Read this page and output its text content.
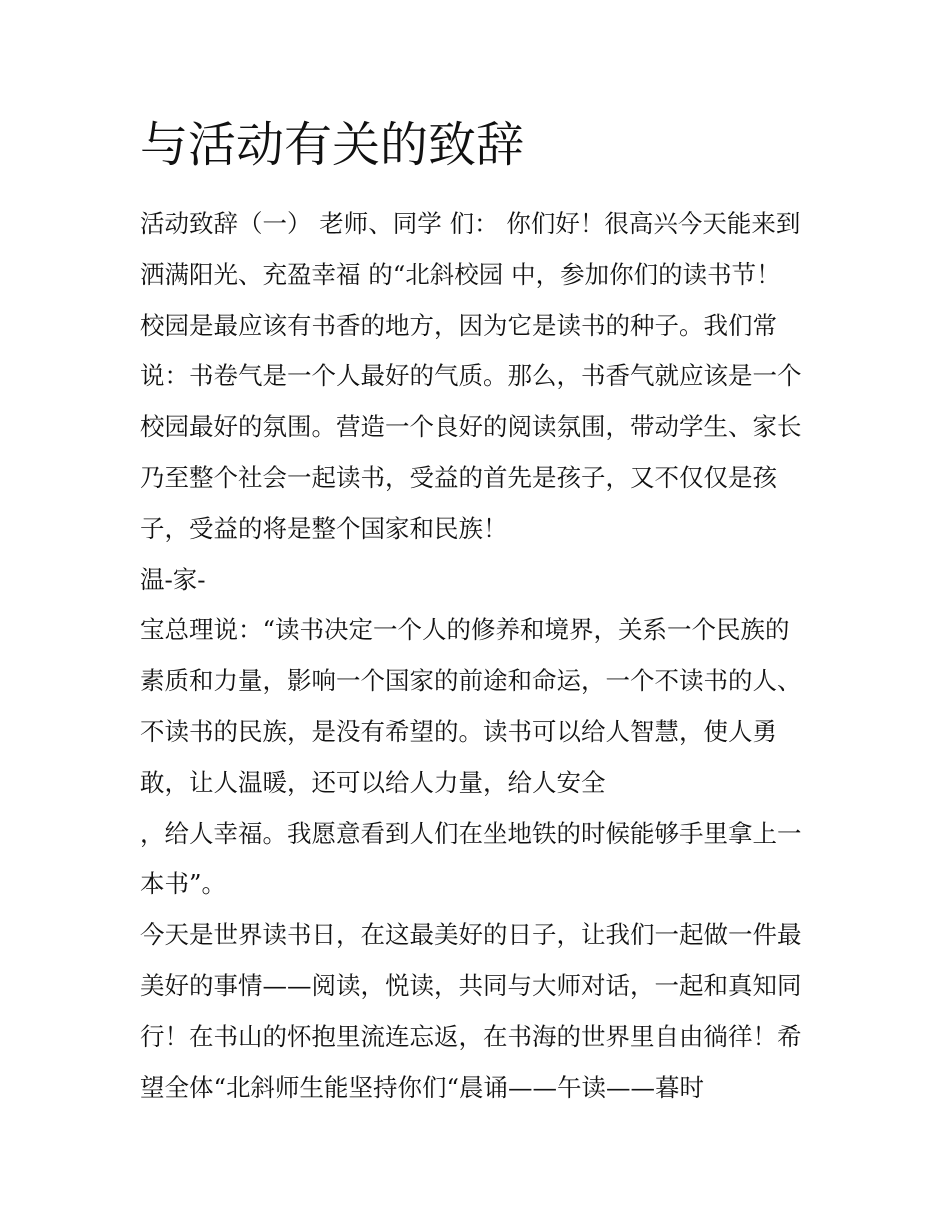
与活动有关的致辞
活动致辞（一） 老师、同学 们： 你们好！很高兴今天能来到
洒满阳光、充盈幸福 的“北斜校园 中，参加你们的读书节！
校园是最应该有书香的地方，因为它是读书的种子。我们常
说：书卷气是一个人最好的气质。那么，书香气就应该是一个
校园最好的氛围。营造一个良好的阅读氛围，带动学生、家长
乃至整个社会一起读书，受益的首先是孩子，又不仅仅是孩
子，受益的将是整个国家和民族！
温-家-
宝总理说：“读书决定一个人的修养和境界，关系一个民族的
素质和力量，影响一个国家的前途和命运，一个不读书的人、
不读书的民族，是没有希望的。读书可以给人智慧，使人勇
敢，让人温暖，还可以给人力量，给人安全
，给人幸福。我愿意看到人们在坐地铁的时候能够手里拿上一
本书”。
今天是世界读书日，在这最美好的日子，让我们一起做一件最
美好的事情——阅读，悦读，共同与大师对话，一起和真知同
行！在书山的怀抱里流连忘返，在书海的世界里自由徜徉！希
望全体“北斜师生能坚持你们“晨诵——午读——暮时
